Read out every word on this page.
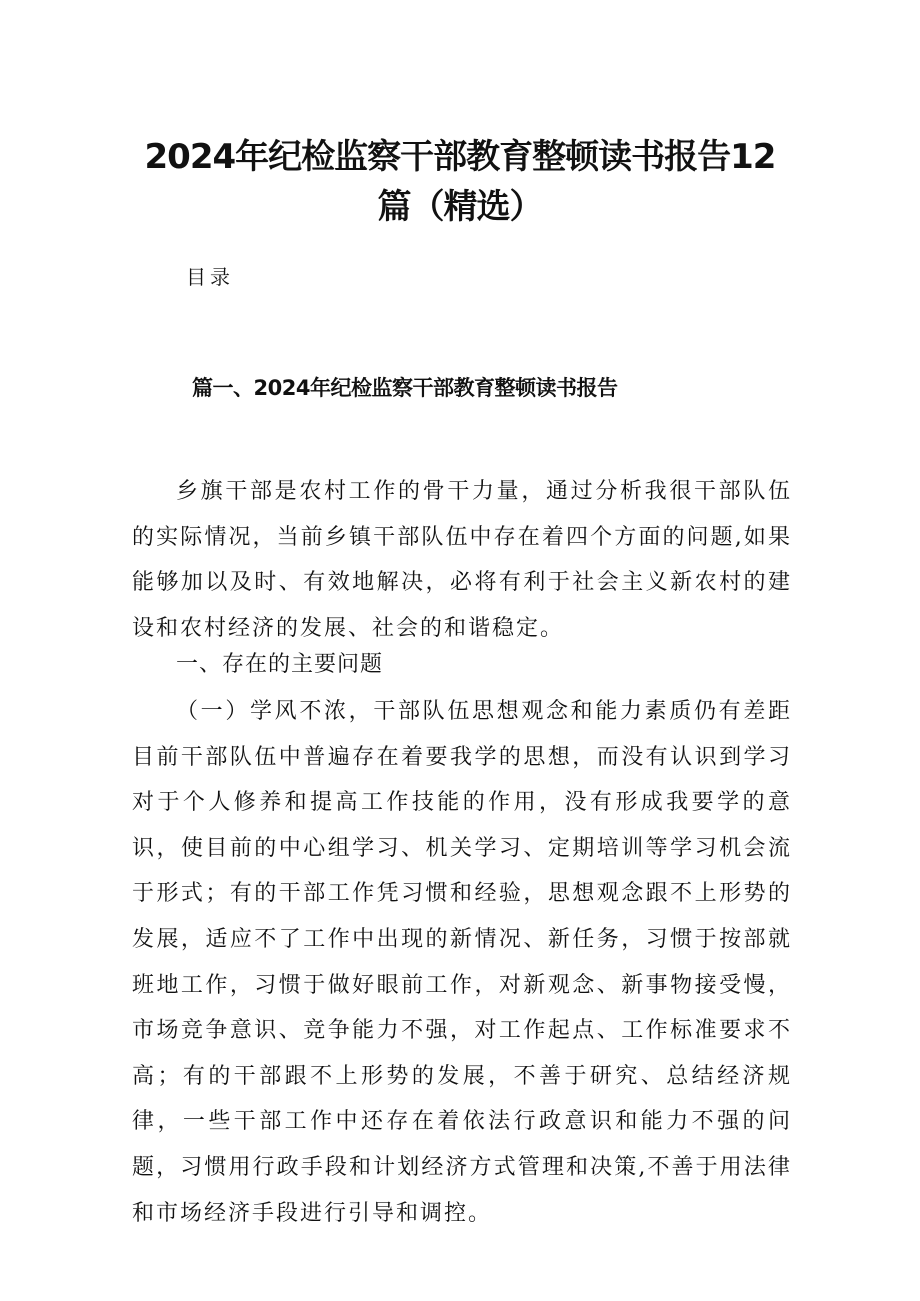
2024年纪检监察干部教育整顿读书报告12
篇（精选）
目录
篇一、2024年纪检监察干部教育整顿读书报告

乡旗干部是农村工作的骨干力量，通过分析我很干部队伍的实际情况，当前乡镇干部队伍中存在着四个方面的问题,如果能够加以及时、有效地解决，必将有利于社会主义新农村的建设和农村经济的发展、社会的和谐稳定。

一、存在的主要问题

（一）学风不浓，干部队伍思想观念和能力素质仍有差距目前干部队伍中普遍存在着要我学的思想，而没有认识到学习对于个人修养和提高工作技能的作用，没有形成我要学的意识，使目前的中心组学习、机关学习、定期培训等学习机会流于形式；有的干部工作凭习惯和经验，思想观念跟不上形势的发展，适应不了工作中出现的新情况、新任务，习惯于按部就班地工作，习惯于做好眼前工作，对新观念、新事物接受慢，市场竞争意识、竞争能力不强，对工作起点、工作标准要求不高；有的干部跟不上形势的发展，不善于研究、总结经济规律，一些干部工作中还存在着依法行政意识和能力不强的问题，习惯用行政手段和计划经济方式管理和决策,不善于用法律和市场经济手段进行引导和调控。
